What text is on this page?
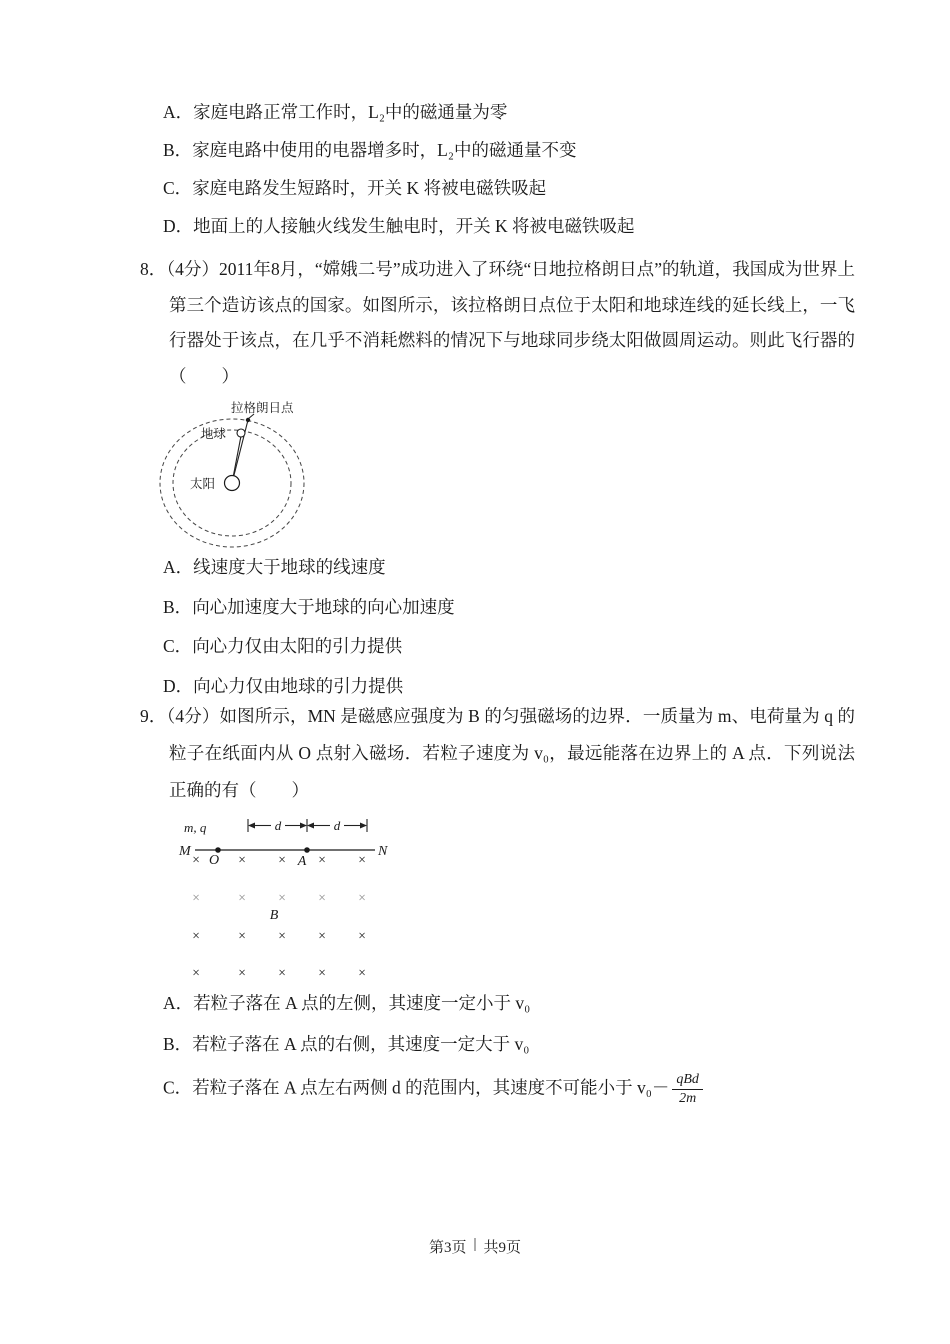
A．家庭电路正常工作时，L₂中的磁通量为零
B．家庭电路中使用的电器增多时，L₂中的磁通量不变
C．家庭电路发生短路时，开关 K 将被电磁铁吸起
D．地面上的人接触火线发生触电时，开关 K 将被电磁铁吸起

8．（4分）2011年8月，“嫦娥二号”成功进入了环绕“日地拉格朗日点”的轨道，我国成为世界上第三个造访该点的国家。如图所示，该拉格朗日点位于太阳和地球连线的延长线上，一飞行器处于该点，在几乎不消耗燃料的情况下与地球同步绕太阳做圆周运动。则此飞行器的（　　）

拉格朗日点
地球
太阳
A．线速度大于地球的线速度
B．向心加速度大于地球的向心加速度
C．向心力仅由太阳的引力提供
D．向心力仅由地球的引力提供

9．（4分）如图所示，MN 是磁感应强度为 B 的匀强磁场的边界．一质量为 m、电荷量为 q 的粒子在纸面内从 O 点射入磁场．若粒子速度为 v₀，最远能落在边界上的 A 点．下列说法正确的有（　　）

m, q	d	d
M	N
O	A
×	× × × ×
×	× × × ×
×	× × × ×
×	× × × ×
B
A．若粒子落在 A 点的左侧，其速度一定小于 v₀
B．若粒子落在 A 点的右侧，其速度一定大于 v₀
C．若粒子落在 A 点左右两侧 d 的范围内，其速度不可能小于 $v_0- \frac{\text{qBd}}{2m}$
第3页 | 共9页
